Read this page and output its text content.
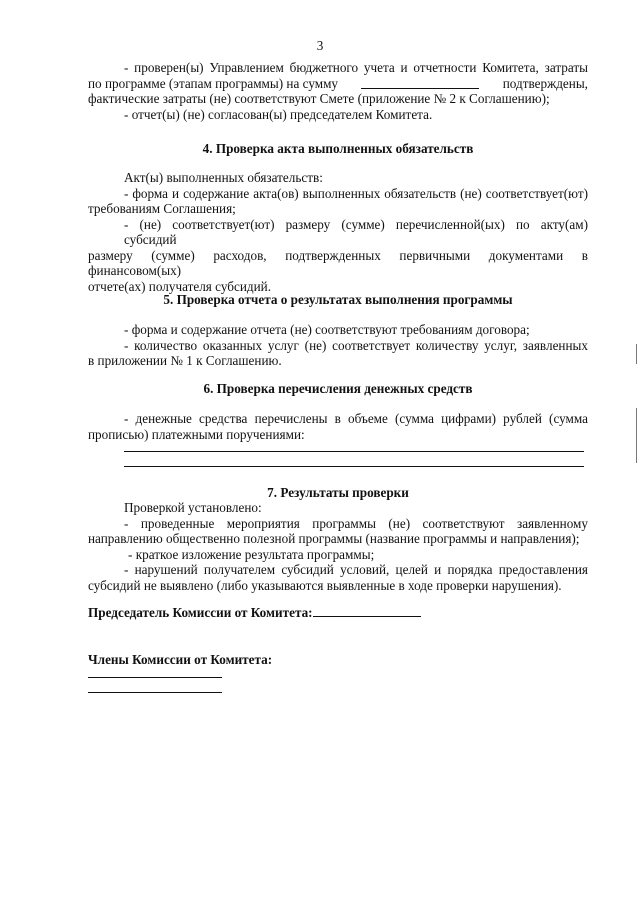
3
- проверен(ы) Управлением бюджетного учета и отчетности Комитета, затраты
по программе (этапам программы) на сумму	подтверждены,
фактические затраты (не) соответствуют Смете (приложение № 2 к Соглашению);
- отчет(ы) (не) согласован(ы) председателем Комитета.
4. Проверка акта выполненных обязательств
Акт(ы) выполненных обязательств:
- форма и содержание акта(ов) выполненных обязательств (не) соответствует(ют)
требованиям Соглашения;
- (не) соответствует(ют) размеру (сумме) перечисленной(ых) по акту(ам) субсидий
размеру (сумме) расходов, подтвержденных первичными документами в финансовом(ых)
отчете(ах) получателя субсидий.
5. Проверка отчета о результатах выполнения программы
- форма и содержание отчета (не) соответствуют требованиям договора;
- количество оказанных услуг (не) соответствует количеству услуг, заявленных
в приложении № 1 к Соглашению.
6. Проверка перечисления денежных средств
- денежные средства перечислены в объеме (сумма цифрами) рублей (сумма
прописью) платежными поручениями:
7. Результаты проверки
Проверкой установлено:
- проведенные мероприятия программы (не) соответствуют заявленному
направлению общественно полезной программы (название программы и направления);
- краткое изложение результата программы;
- нарушений получателем субсидий условий, целей и порядка предоставления
субсидий не выявлено (либо указываются выявленные в ходе проверки нарушения).
Председатель Комиссии от Комитета:
Члены Комиссии от Комитета:
